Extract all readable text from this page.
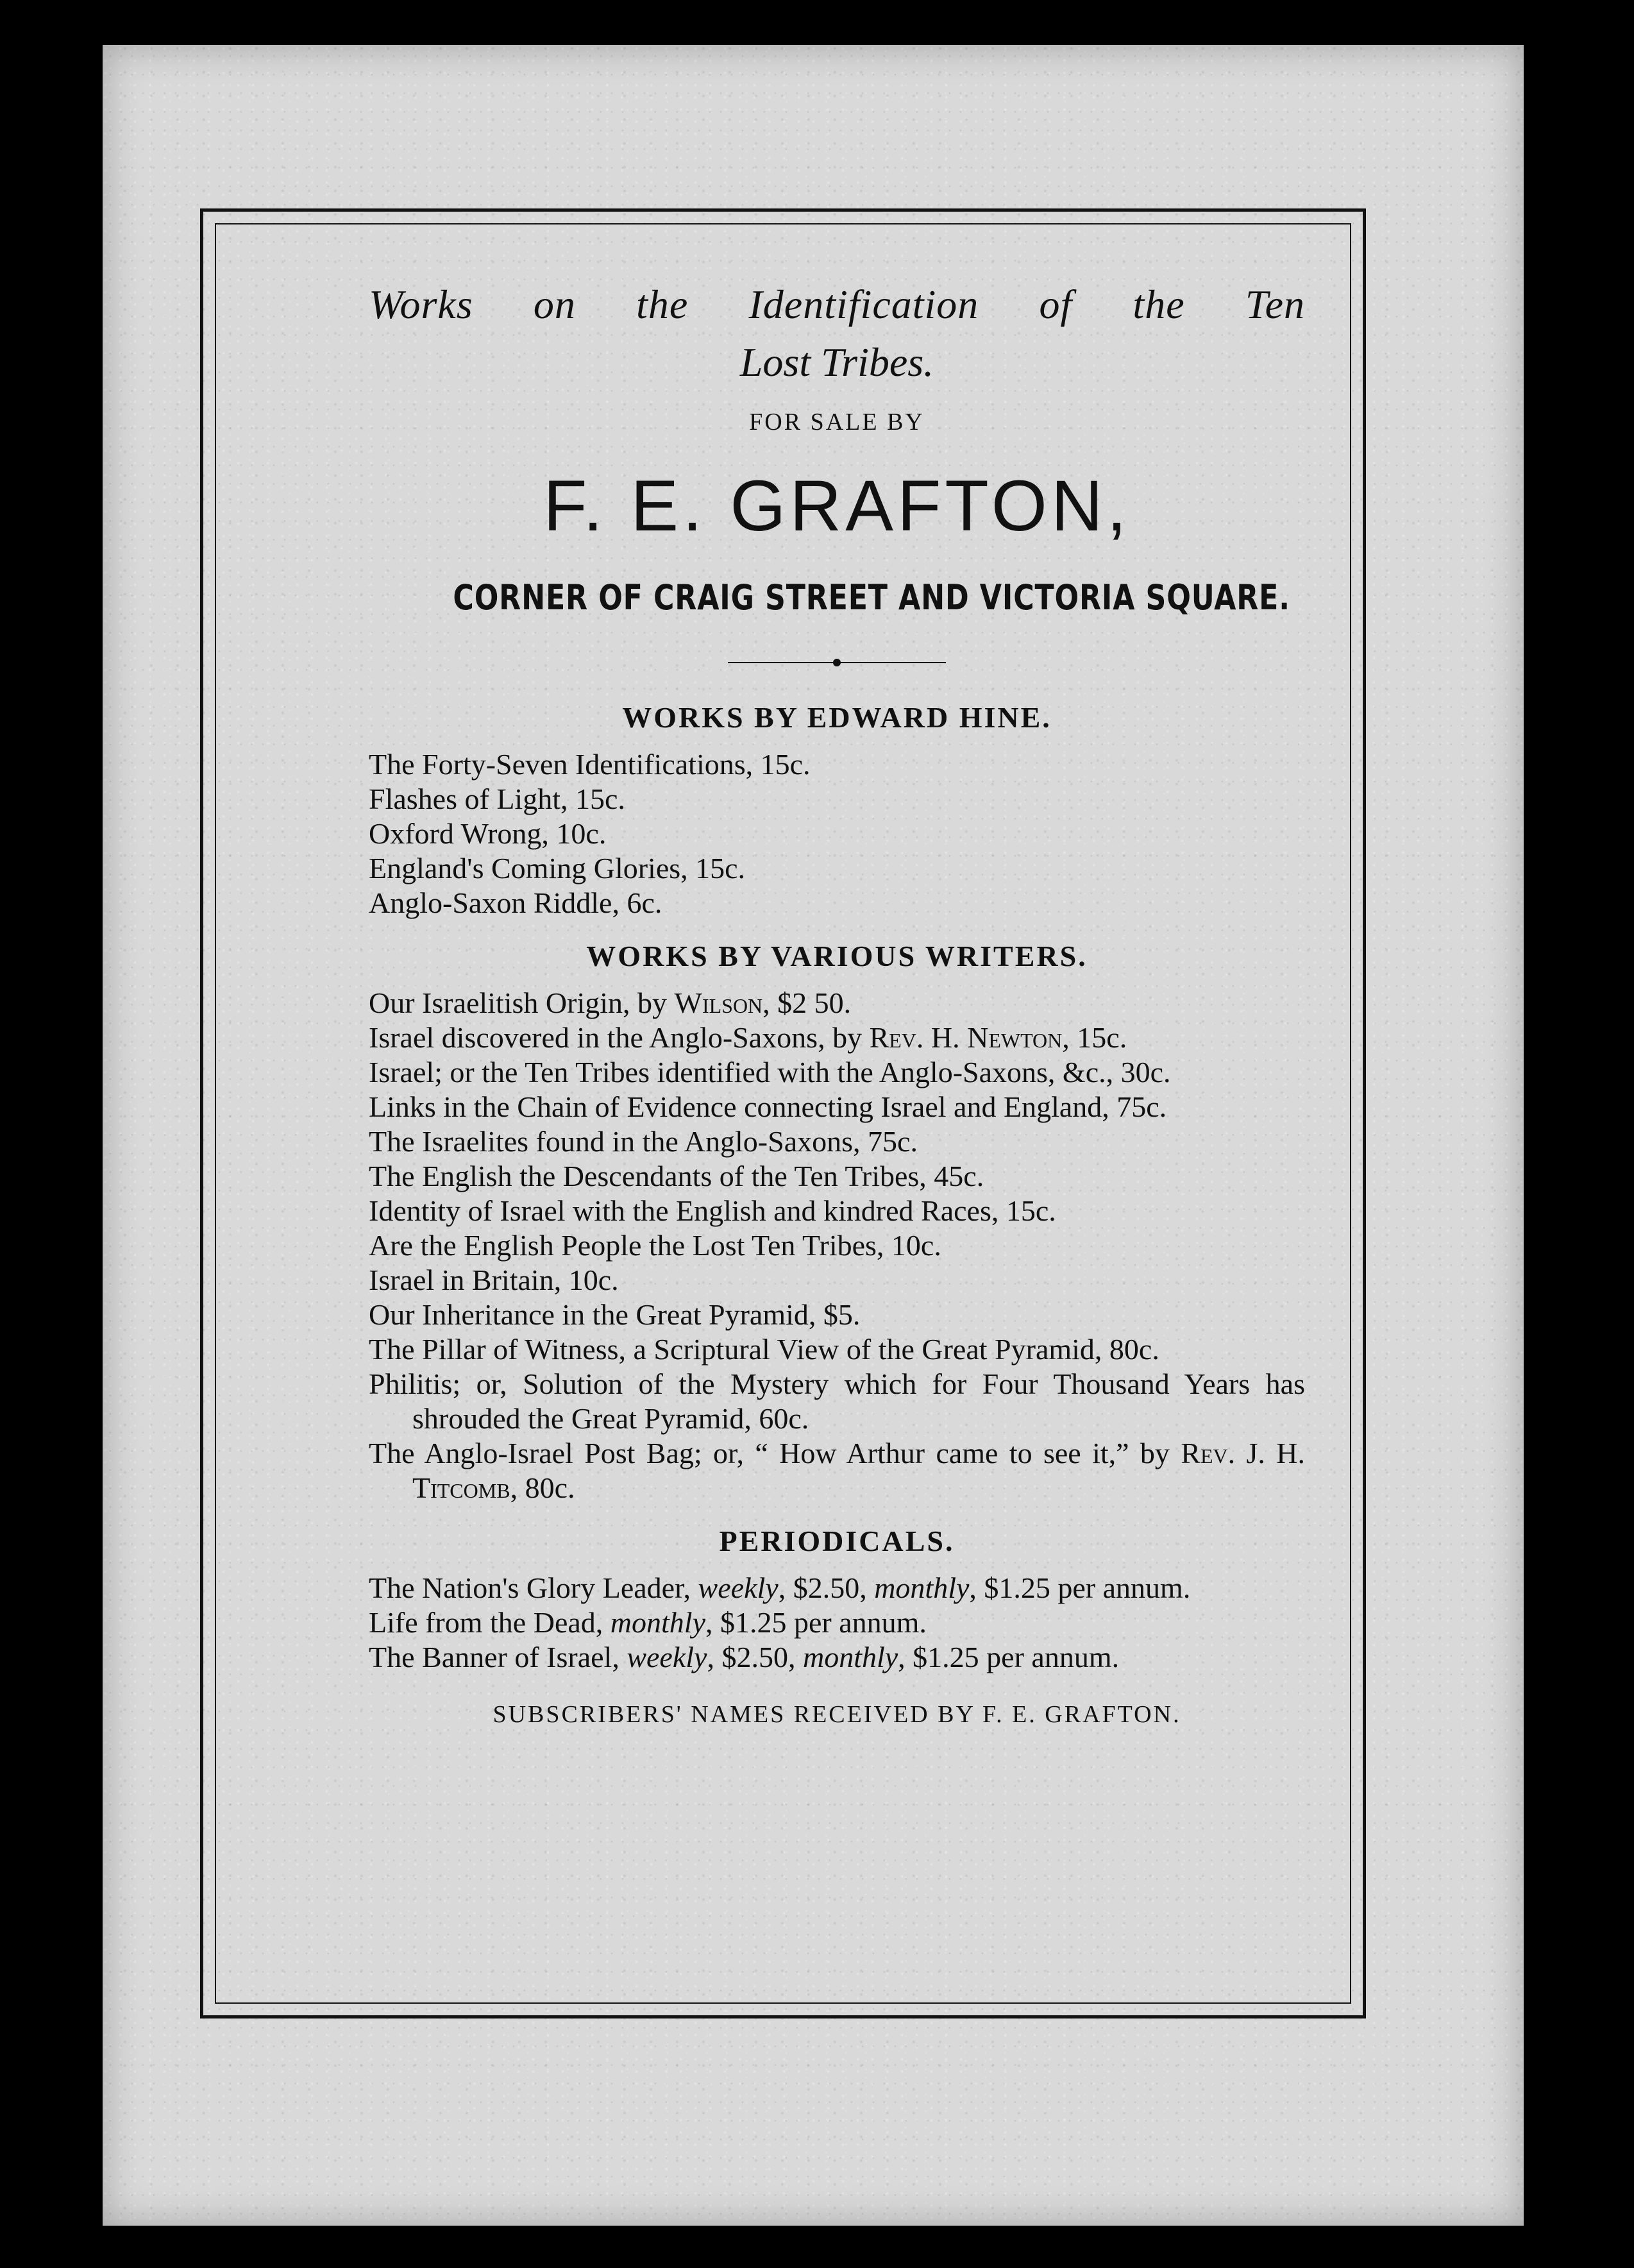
Works on the Identification of the Ten

Lost Tribes.

FOR SALE BY

F. E. GRAFTON,

CORNER OF CRAIG STREET AND VICTORIA SQUARE.

WORKS BY EDWARD HINE.
The Forty-Seven Identifications, 15c.
Flashes of Light, 15c.
Oxford Wrong, 10c.
England's Coming Glories, 15c.
Anglo-Saxon Riddle, 6c.
WORKS BY VARIOUS WRITERS.
Our Israelitish Origin, by Wilson, $2 50.
Israel discovered in the Anglo-Saxons, by Rev. H. Newton, 15c.
Israel; or the Ten Tribes identified with the Anglo-Saxons, &c., 30c.
Links in the Chain of Evidence connecting Israel and England, 75c.
The Israelites found in the Anglo-Saxons, 75c.
The English the Descendants of the Ten Tribes, 45c.
Identity of Israel with the English and kindred Races, 15c.
Are the English People the Lost Ten Tribes, 10c.
Israel in Britain, 10c.
Our Inheritance in the Great Pyramid, $5.
The Pillar of Witness, a Scriptural View of the Great Pyramid, 80c.
Philitis; or, Solution of the Mystery which for Four Thousand Years has shrouded the Great Pyramid, 60c.
The Anglo-Israel Post Bag; or, “ How Arthur came to see it,” by Rev. J. H. Titcomb, 80c.
PERIODICALS.
The Nation's Glory Leader, weekly, $2.50, monthly, $1.25 per annum.
Life from the Dead, monthly, $1.25 per annum.
The Banner of Israel, weekly, $2.50, monthly, $1.25 per annum.

SUBSCRIBERS' NAMES RECEIVED BY F. E. GRAFTON.
